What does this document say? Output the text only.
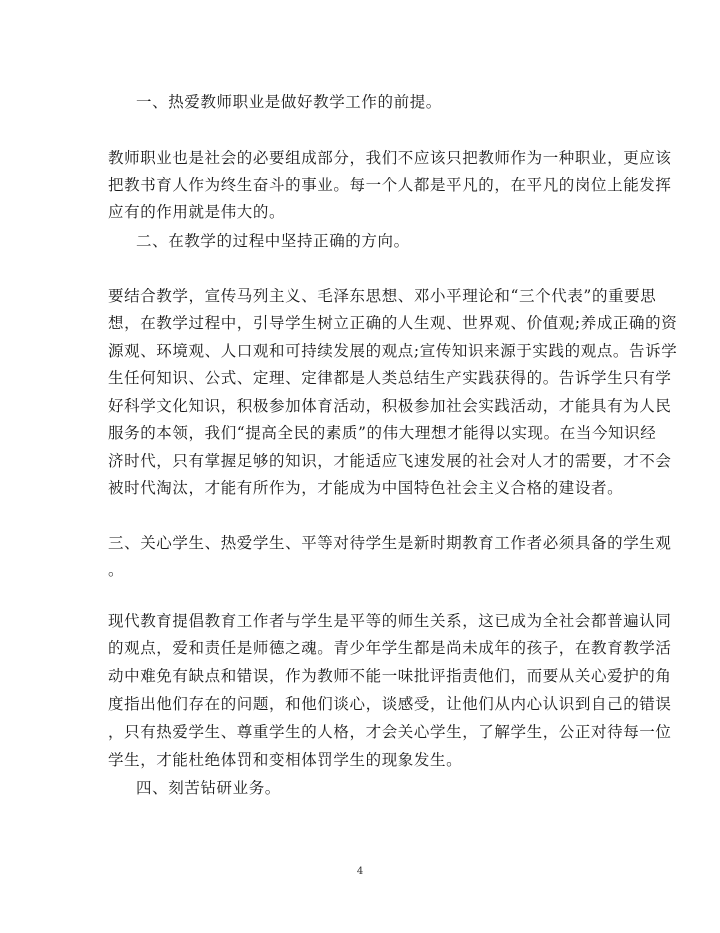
一、热爱教师职业是做好教学工作的前提。
教师职业也是社会的必要组成部分，我们不应该只把教师作为一种职业，更应该
把教书育人作为终生奋斗的事业。每一个人都是平凡的，在平凡的岗位上能发挥
应有的作用就是伟大的。
二、在教学的过程中坚持正确的方向。
要结合教学，宣传马列主义、毛泽东思想、邓小平理论和“三个代表”的重要思
想，在教学过程中，引导学生树立正确的人生观、世界观、价值观;养成正确的资
源观、环境观、人口观和可持续发展的观点;宣传知识来源于实践的观点。告诉学
生任何知识、公式、定理、定律都是人类总结生产实践获得的。告诉学生只有学
好科学文化知识，积极参加体育活动，积极参加社会实践活动，才能具有为人民
服务的本领，我们“提高全民的素质”的伟大理想才能得以实现。在当今知识经
济时代，只有掌握足够的知识，才能适应飞速发展的社会对人才的需要，才不会
被时代淘汰，才能有所作为，才能成为中国特色社会主义合格的建设者。
三、关心学生、热爱学生、平等对待学生是新时期教育工作者必须具备的学生观
。
现代教育提倡教育工作者与学生是平等的师生关系，这已成为全社会都普遍认同
的观点，爱和责任是师德之魂。青少年学生都是尚未成年的孩子，在教育教学活
动中难免有缺点和错误，作为教师不能一味批评指责他们，而要从关心爱护的角
度指出他们存在的问题，和他们谈心，谈感受，让他们从内心认识到自己的错误
，只有热爱学生、尊重学生的人格，才会关心学生，了解学生，公正对待每一位
学生，才能杜绝体罚和变相体罚学生的现象发生。
四、刻苦钻研业务。
4
